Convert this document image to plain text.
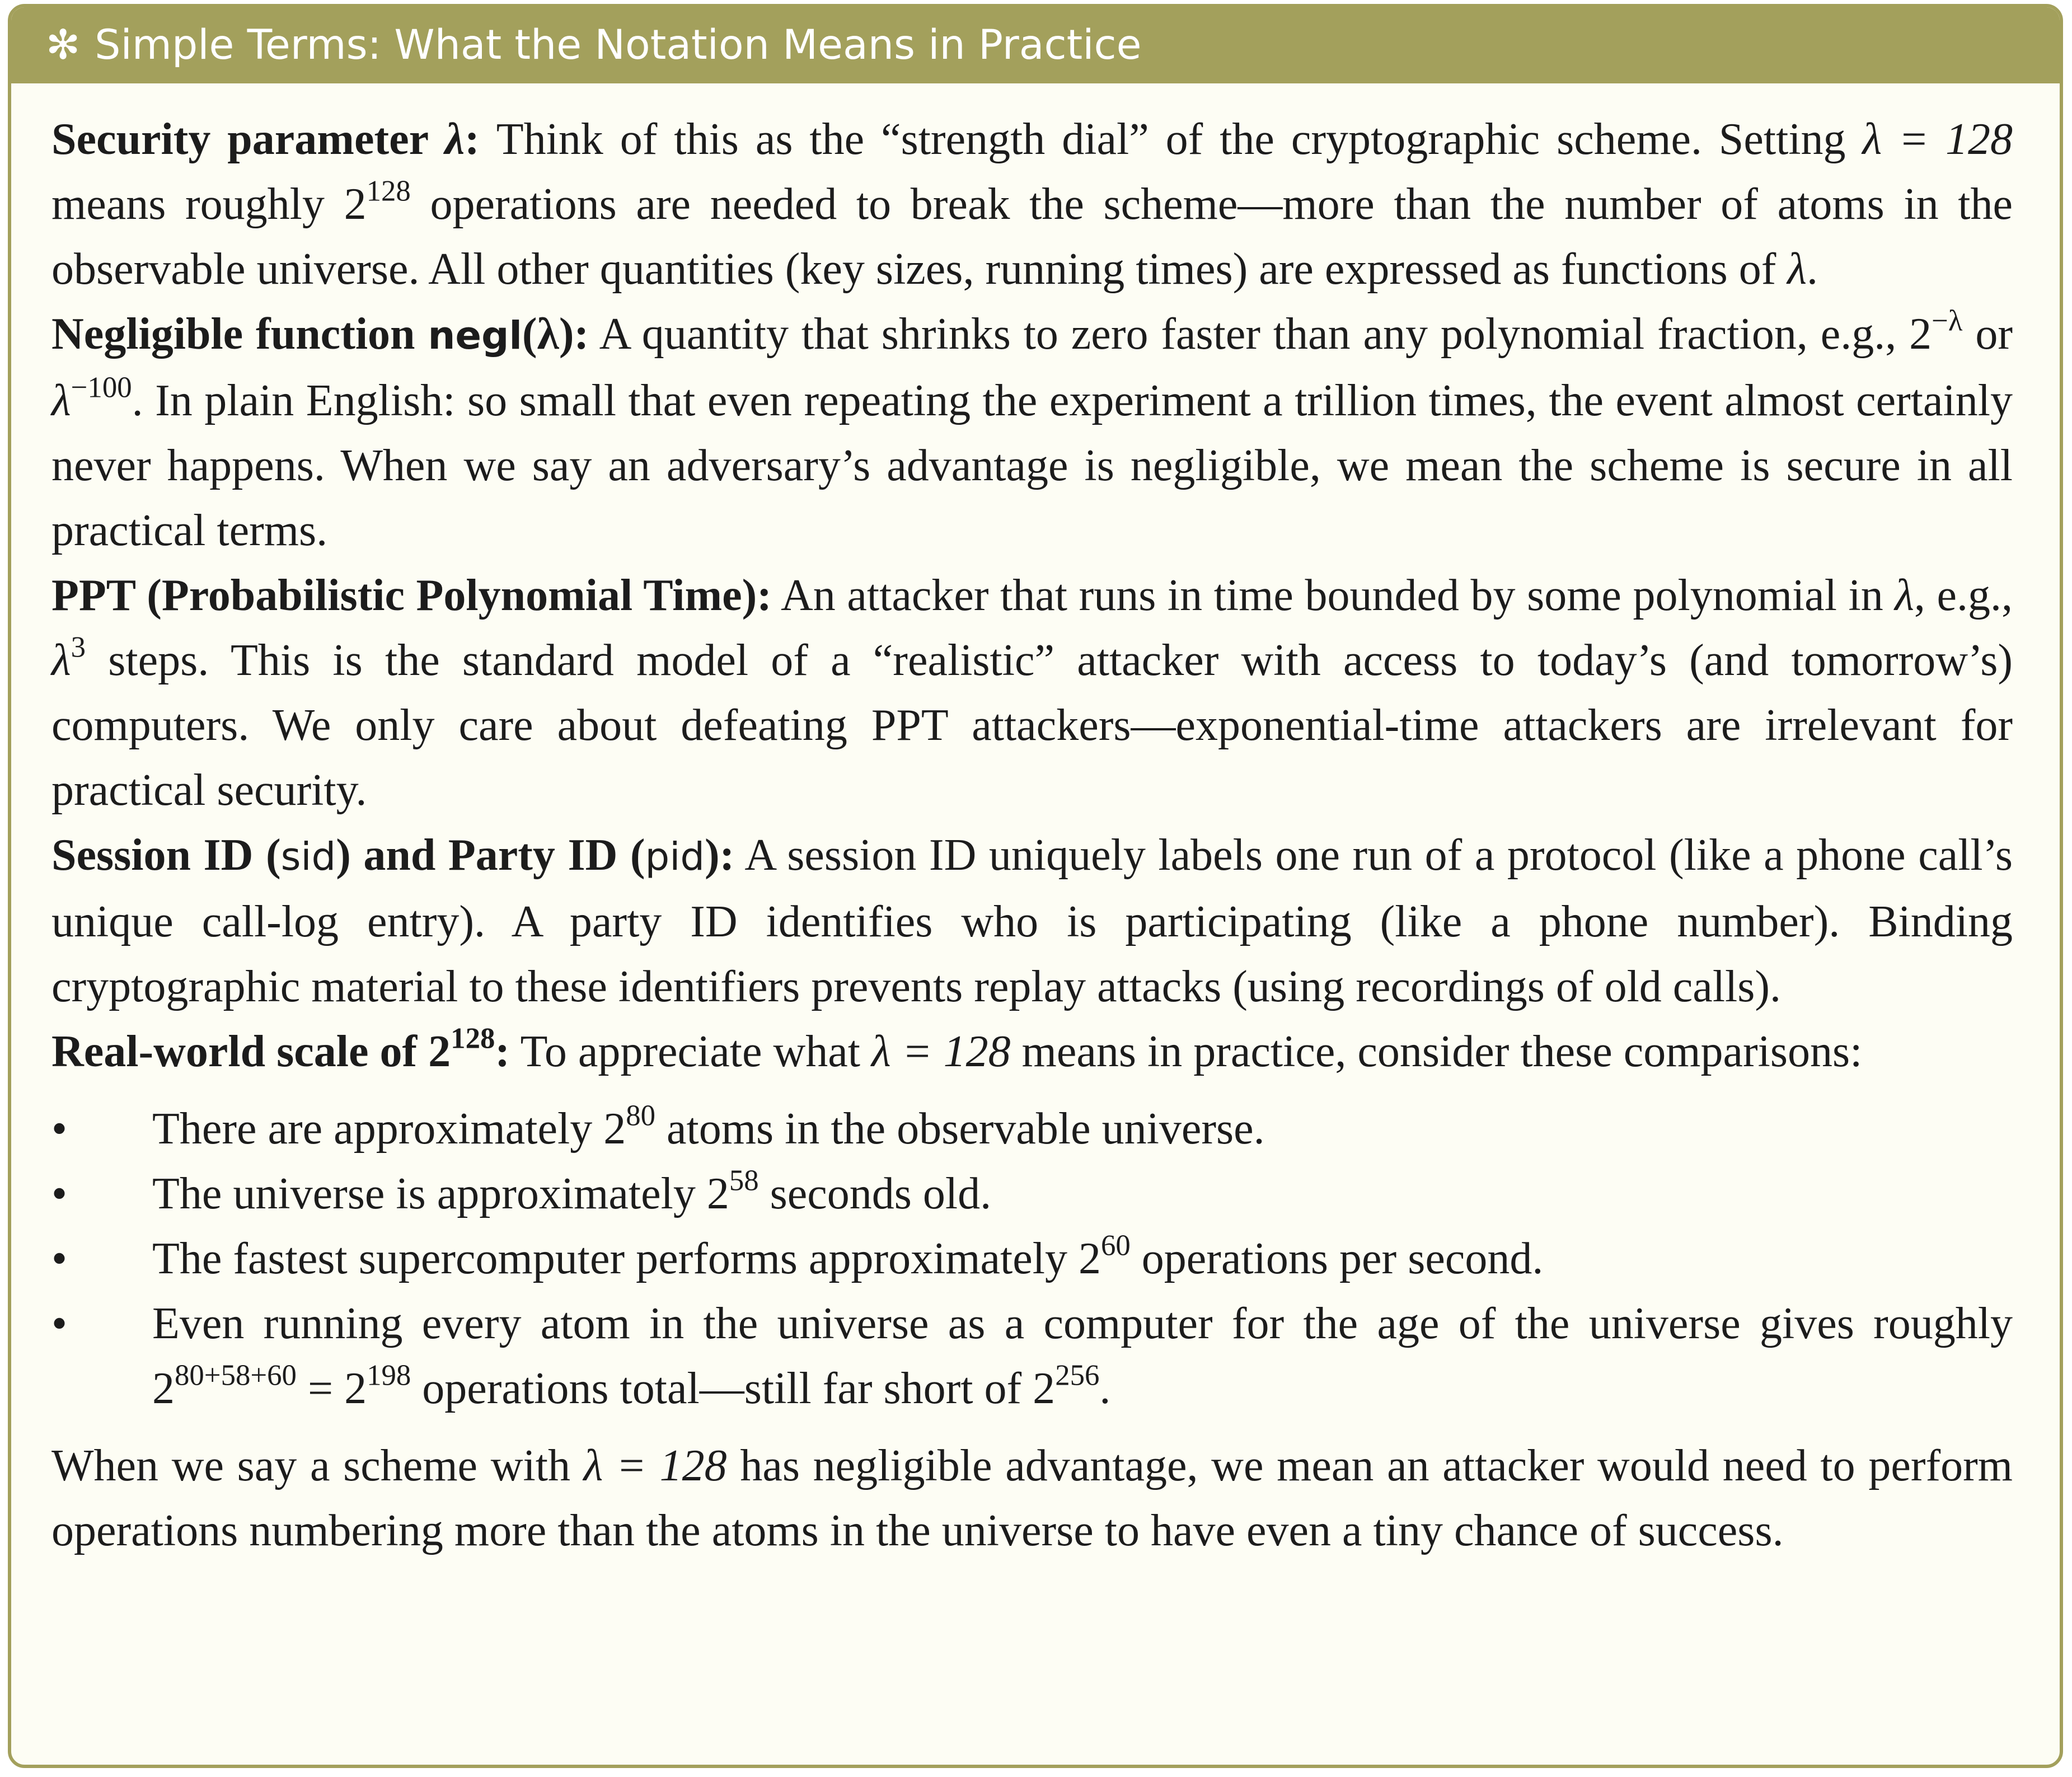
✻ Simple Terms: What the Notation Means in Practice

Security parameter λ: Think of this as the “strength dial” of the cryptographic scheme. Setting λ = 128 means roughly $2^{128}$ operations are needed to break the scheme—more than the number of atoms in the observable universe. All other quantities (key sizes, running times) are expressed as functions of λ.

Negligible function negl(λ): A quantity that shrinks to zero faster than any polynomial fraction, e.g., $2^{-\lambda}$ or $\lambda^{-100}$. In plain English: so small that even repeating the experiment a trillion times, the event almost certainly never happens. When we say an adversary’s advantage is negligible, we mean the scheme is secure in all practical terms.

PPT (Probabilistic Polynomial Time): An attacker that runs in time bounded by some polynomial in λ, e.g., $\lambda^3$ steps. This is the standard model of a “realistic” attacker with access to today’s (and tomorrow’s) computers. We only care about defeating PPT attackers—exponential-time attackers are irrelevant for practical security.

Session ID (sid) and Party ID (pid): A session ID uniquely labels one run of a protocol (like a phone call’s unique call-log entry). A party ID identifies who is participating (like a phone number). Binding cryptographic material to these identifiers prevents replay attacks (using recordings of old calls).

Real-world scale of $2^{128}$: To appreciate what λ = 128 means in practice, consider these comparisons:

•	There are approximately $2^{80}$ atoms in the observable universe.
•	The universe is approximately $2^{58}$ seconds old.
•	The fastest supercomputer performs approximately $2^{60}$ operations per second.
•	Even running every atom in the universe as a computer for the age of the universe gives roughly $2^{80+58+60} = 2^{198}$ operations total—still far short of $2^{256}$.

When we say a scheme with λ = 128 has negligible advantage, we mean an attacker would need to perform operations numbering more than the atoms in the universe to have even a tiny chance of success.
